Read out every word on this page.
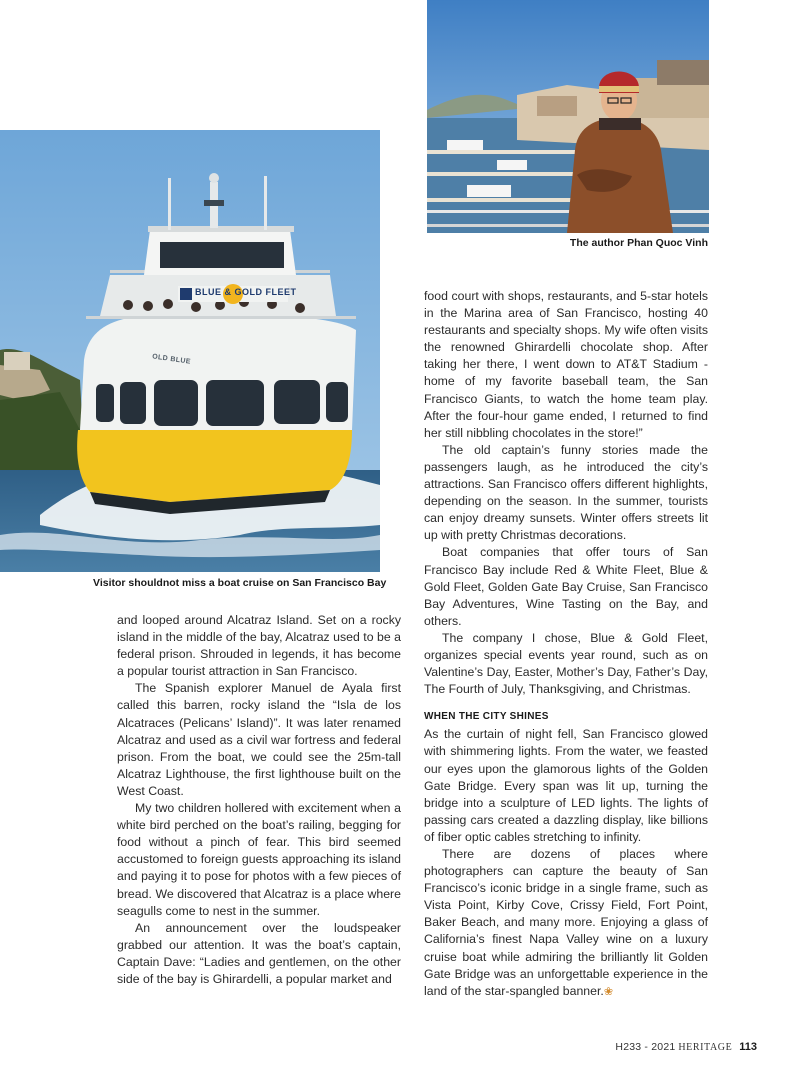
BLUE & GOLD FLEET
OLD BLUE
Visitor shouldnot miss a boat cruise on San Francisco Bay
The author Phan Quoc Vinh

and looped around Alcatraz Island. Set on a rocky island in the middle of the bay, Alcatraz used to be a federal prison. Shrouded in legends, it has become a popular tourist attraction in San Francisco.

The Spanish explorer Manuel de Ayala first called this barren, rocky island the “Isla de los Alcatraces (Pelicans’ Island)”. It was later renamed Alcatraz and used as a civil war fortress and federal prison. From the boat, we could see the 25m-tall Alcatraz Lighthouse, the first lighthouse built on the West Coast.

My two children hollered with excitement when a white bird perched on the boat’s railing, begging for food without a pinch of fear. This bird seemed accustomed to foreign guests approaching its island and paying it to pose for photos with a few pieces of bread. We discovered that Alcatraz is a place where seagulls come to nest in the summer.

An announcement over the loudspeaker grabbed our attention. It was the boat’s captain, Captain Dave: “Ladies and gentlemen, on the other side of the bay is Ghirardelli, a popular market and

food court with shops, restaurants, and 5-star hotels in the Marina area of San Francisco, hosting 40 restaurants and specialty shops. My wife often visits the renowned Ghirardelli chocolate shop. After taking her there, I went down to AT&T Stadium - home of my favorite baseball team, the San Francisco Giants, to watch the home team play. After the four-hour game ended, I returned to find her still nibbling chocolates in the store!”

The old captain’s funny stories made the passengers laugh, as he introduced the city’s attractions. San Francisco offers different highlights, depending on the season. In the summer, tourists can enjoy dreamy sunsets. Winter offers streets lit up with pretty Christmas decorations.

Boat companies that offer tours of San Francisco Bay include Red & White Fleet, Blue & Gold Fleet, Golden Gate Bay Cruise, San Francisco Bay Adventures, Wine Tasting on the Bay, and others.

The company I chose, Blue & Gold Fleet, organizes special events year round, such as on Valentine’s Day, Easter, Mother’s Day, Father’s Day, The Fourth of July, Thanksgiving, and Christmas.

WHEN THE CITY SHINES

As the curtain of night fell, San Francisco glowed with shimmering lights. From the water, we feasted our eyes upon the glamorous lights of the Golden Gate Bridge. Every span was lit up, turning the bridge into a sculpture of LED lights. The lights of passing cars created a dazzling display, like billions of fiber optic cables stretching to infinity.

There are dozens of places where photographers can capture the beauty of San Francisco’s iconic bridge in a single frame, such as Vista Point, Kirby Cove, Crissy Field, Fort Point, Baker Beach, and many more. Enjoying a glass of California’s finest Napa Valley wine on a luxury cruise boat while admiring the brilliantly lit Golden Gate Bridge was an unforgettable experience in the land of the star-spangled banner.❀

H233 - 2021 HERITAGE 113
